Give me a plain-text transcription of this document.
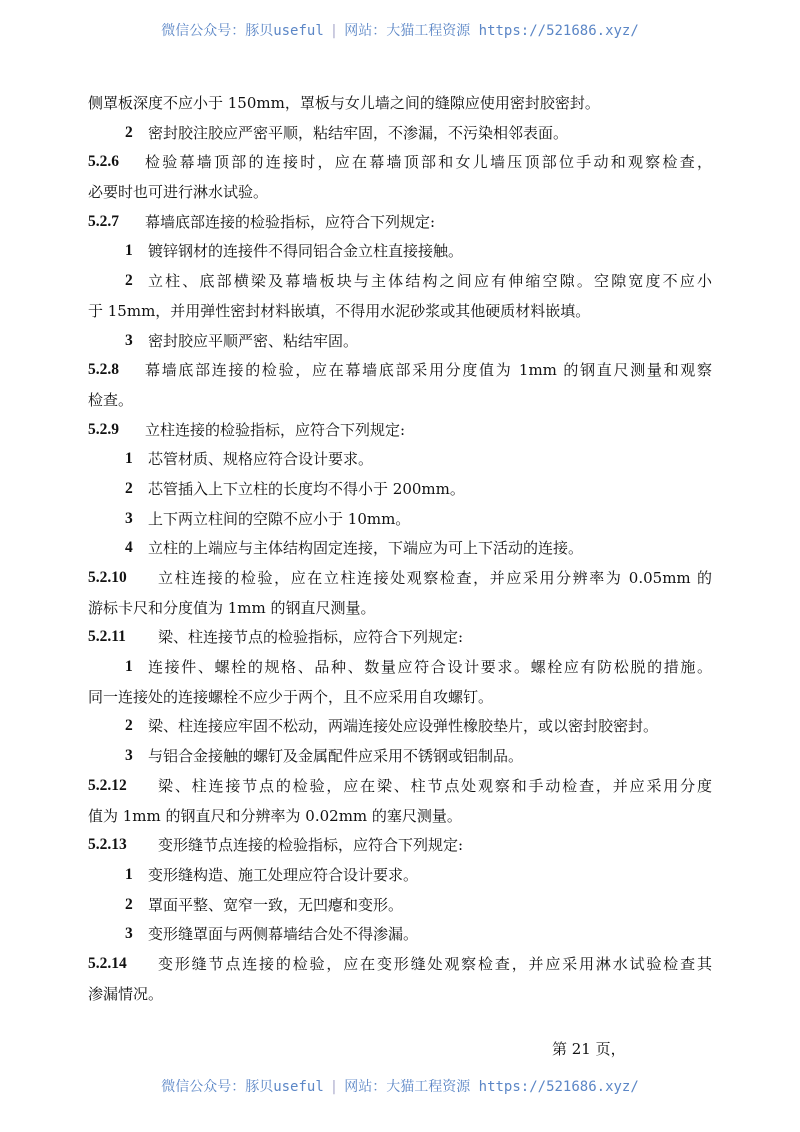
微信公众号：豚贝useful | 网站：大猫工程资源 https://521686.xyz/
侧罩板深度不应小于 150mm，罩板与女儿墙之间的缝隙应使用密封胶密封。
2	密封胶注胶应严密平顺，粘结牢固，不渗漏，不污染相邻表面。
5.2.6	检验幕墙顶部的连接时，应在幕墙顶部和女儿墙压顶部位手动和观察检查，
必要时也可进行淋水试验。
5.2.7	幕墙底部连接的检验指标，应符合下列规定:
1	镀锌钢材的连接件不得同铝合金立柱直接接触。
2	立柱、底部横梁及幕墙板块与主体结构之间应有伸缩空隙。空隙宽度不应小
于 15mm，并用弹性密封材料嵌填，不得用水泥砂浆或其他硬质材料嵌填。
3	密封胶应平顺严密、粘结牢固。
5.2.8	幕墙底部连接的检验，应在幕墙底部采用分度值为 1mm 的钢直尺测量和观察
检查。
5.2.9	立柱连接的检验指标，应符合下列规定:
1	芯管材质、规格应符合设计要求。
2	芯管插入上下立柱的长度均不得小于 200mm。
3	上下两立柱间的空隙不应小于 10mm。
4	立柱的上端应与主体结构固定连接，下端应为可上下活动的连接。
5.2.10	立柱连接的检验，应在立柱连接处观察检查，并应采用分辨率为 0.05mm 的
游标卡尺和分度值为 1mm 的钢直尺测量。
5.2.11	梁、柱连接节点的检验指标，应符合下列规定:
1	连接件、螺栓的规格、品种、数量应符合设计要求。螺栓应有防松脱的措施。
同一连接处的连接螺栓不应少于两个，且不应采用自攻螺钉。
2	梁、柱连接应牢固不松动，两端连接处应设弹性橡胶垫片，或以密封胶密封。
3	与铝合金接触的螺钉及金属配件应采用不锈钢或铝制品。
5.2.12	梁、柱连接节点的检验，应在梁、柱节点处观察和手动检查，并应采用分度
值为 1mm 的钢直尺和分辨率为 0.02mm 的塞尺测量。
5.2.13	变形缝节点连接的检验指标，应符合下列规定:
1	变形缝构造、施工处理应符合设计要求。
2	罩面平整、宽窄一致，无凹瘪和变形。
3	变形缝罩面与两侧幕墙结合处不得渗漏。
5.2.14	变形缝节点连接的检验，应在变形缝处观察检查，并应采用淋水试验检查其
渗漏情况。
第 21 页，
微信公众号：豚贝useful | 网站：大猫工程资源 https://521686.xyz/
